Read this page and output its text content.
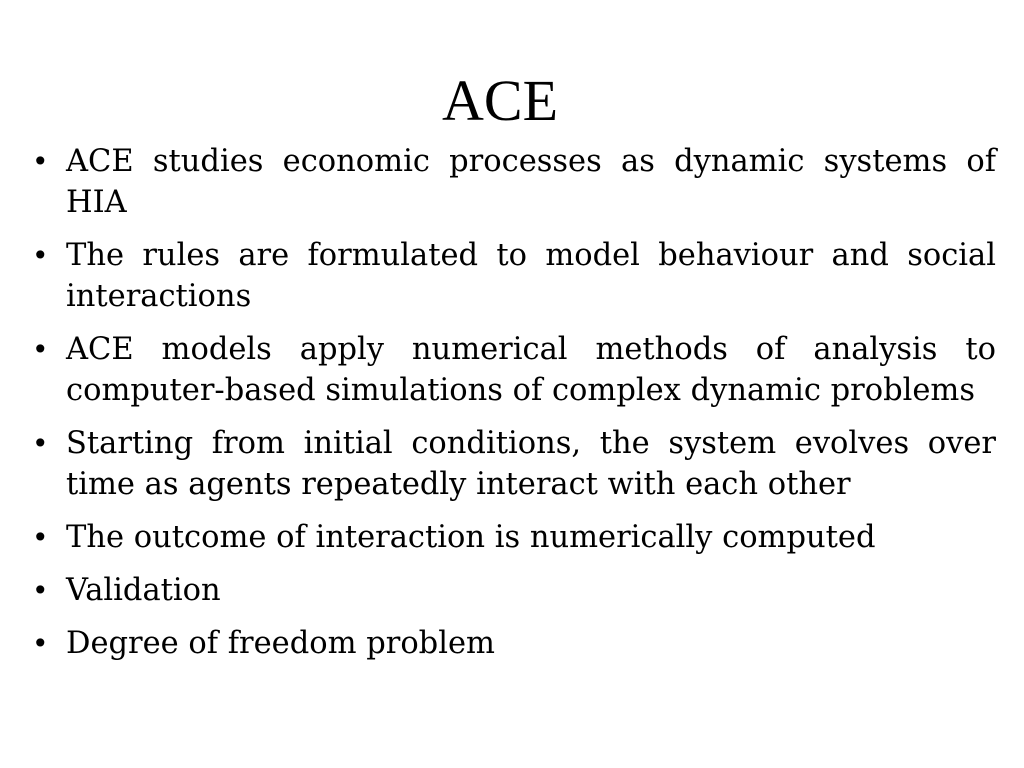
ACE
• ACE studies economic processes as dynamic systems of HIA
• The rules are formulated to model behaviour and social interactions
• ACE models apply numerical methods of analysis to computer-based simulations of complex dynamic problems
• Starting from initial conditions, the system evolves over time as agents repeatedly interact with each other
• The outcome of interaction is numerically computed
• Validation
• Degree of freedom problem
